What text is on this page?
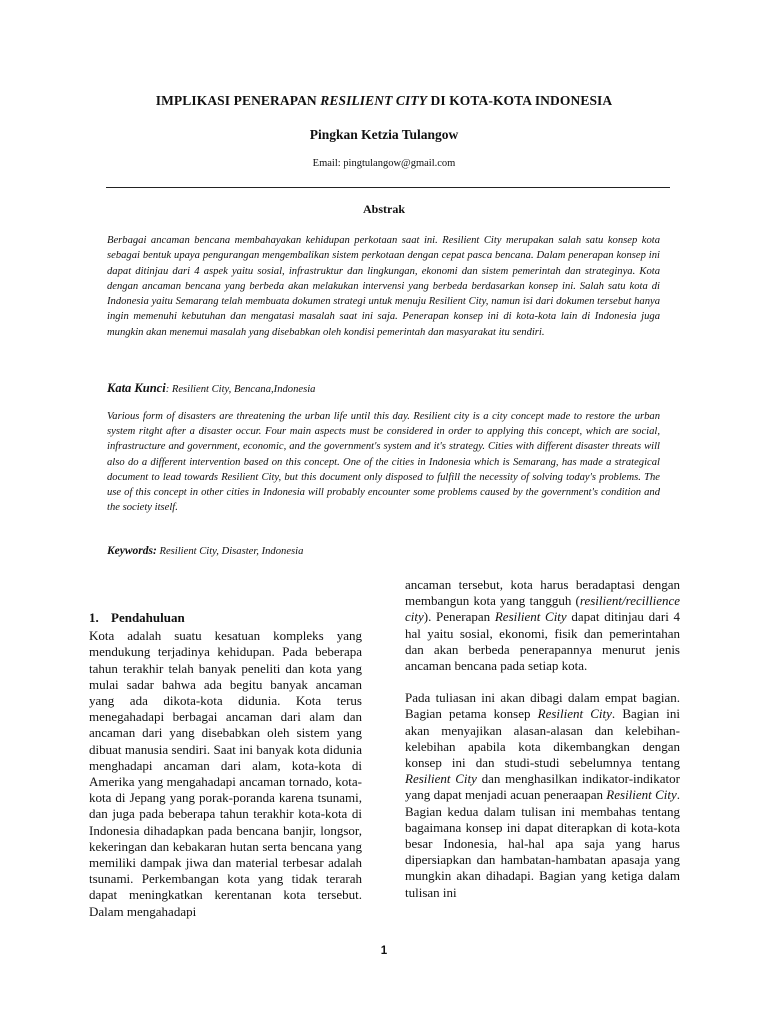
IMPLIKASI PENERAPAN RESILIENT CITY DI KOTA-KOTA INDONESIA
Pingkan Ketzia Tulangow
Email: pingtulangow@gmail.com
Abstrak
Berbagai ancaman bencana membahayakan kehidupan perkotaan saat ini. Resilient City merupakan salah satu konsep kota sebagai bentuk upaya pengurangan mengembalikan sistem perkotaan dengan cepat pasca bencana. Dalam penerapan konsep ini dapat ditinjau dari 4 aspek yaitu sosial, infrastruktur dan lingkungan, ekonomi dan sistem pemerintah dan strateginya. Kota dengan ancaman bencana yang berbeda akan melakukan intervensi yang berbeda berdasarkan konsep ini. Salah satu kota di Indonesia yaitu Semarang telah membuata dokumen strategi untuk menuju Resilient City, namun isi dari dokumen tersebut hanya ingin memenuhi kebutuhan dan mengatasi masalah saat ini saja. Penerapan konsep ini di kota-kota lain di Indonesia juga mungkin akan menemui masalah yang disebabkan oleh kondisi pemerintah dan masyarakat itu sendiri.
Kata Kunci: Resilient City, Bencana,Indonesia
Various form of disasters are threatening the urban life until this day. Resilient city is a city concept made to restore the urban system ritght after a disaster occur. Four main aspects must be considered in order to applying this concept, which are social, infrastructure and government, economic, and the government's system and it's strategy. Cities with different disaster threats will also do a different intervention based on this concept. One of the cities in Indonesia which is Semarang, has made a strategical document to lead towards Resilient City, but this document only disposed to fulfill the necessity of solving today's problems. The use of this concept in other cities in Indonesia will probably encounter some problems caused by the government's condition and the society itself.
Keywords: Resilient City, Disaster, Indonesia
1. Pendahuluan

Kota adalah suatu kesatuan kompleks yang mendukung terjadinya kehidupan. Pada beberapa tahun terakhir telah banyak peneliti dan kota yang mulai sadar bahwa ada begitu banyak ancaman yang ada dikota-kota didunia. Kota terus menegahadapi berbagai ancaman dari alam dan ancaman dari yang disebabkan oleh sistem yang dibuat manusia sendiri. Saat ini banyak kota didunia menghadapi ancaman dari alam, kota-kota di Amerika yang mengahadapi ancaman tornado, kota-kota di Jepang yang porak-poranda karena tsunami, dan juga pada beberapa tahun terakhir kota-kota di Indonesia dihadapkan pada bencana banjir, longsor, kekeringan dan kebakaran hutan serta bencana yang memiliki dampak jiwa dan material terbesar adalah tsunami. Perkembangan kota yang tidak terarah dapat meningkatkan kerentanan kota tersebut. Dalam mengahadapi

ancaman tersebut, kota harus beradaptasi dengan membangun kota yang tangguh (resilient/recillience city). Penerapan Resilient City dapat ditinjau dari 4 hal yaitu sosial, ekonomi, fisik dan pemerintahan dan akan berbeda penerapannya menurut jenis ancaman bencana pada setiap kota.

Pada tuliasan ini akan dibagi dalam empat bagian. Bagian petama konsep Resilient City. Bagian ini akan menyajikan alasan-alasan dan kelebihan-kelebihan apabila kota dikembangkan dengan konsep ini dan studi-studi sebelumnya tentang Resilient City dan menghasilkan indikator-indikator yang dapat menjadi acuan peneraapan Resilient City. Bagian kedua dalam tulisan ini membahas tentang bagaimana konsep ini dapat diterapkan di kota-kota besar Indonesia, hal-hal apa saja yang harus dipersiapkan dan hambatan-hambatan apasaja yang mungkin akan dihadapi. Bagian yang ketiga dalam tulisan ini

1
